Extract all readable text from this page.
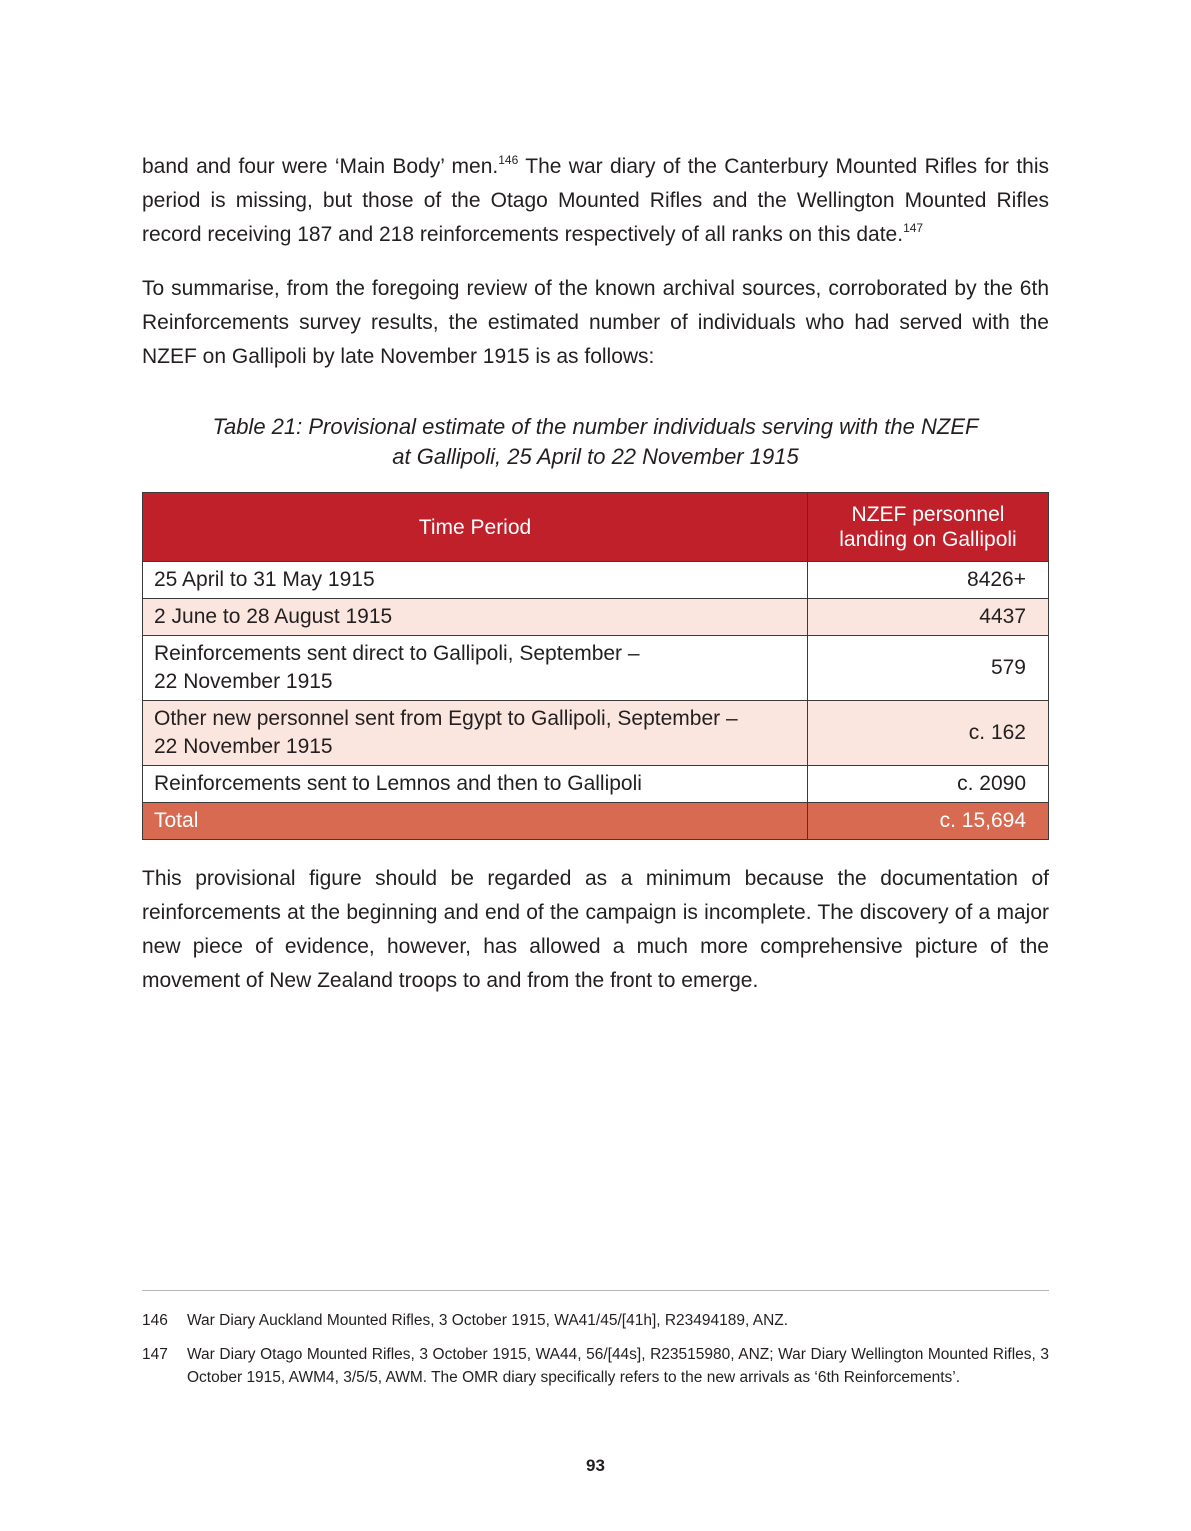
band and four were ‘Main Body’ men.$^{146}$ The war diary of the Canterbury Mounted Rifles for this period is missing, but those of the Otago Mounted Rifles and the Wellington Mounted Rifles record receiving 187 and 218 reinforcements respectively of all ranks on this date.$^{147}$

To summarise, from the foregoing review of the known archival sources, corroborated by the 6th Reinforcements survey results, the estimated number of individuals who had served with the NZEF on Gallipoli by late November 1915 is as follows:

Table 21: Provisional estimate of the number individuals serving with the NZEF
at Gallipoli, 25 April to 22 November 1915
Time Period	NZEF personnel
landing on Gallipoli

25 April to 31 May 1915	8426+

2 June to 28 August 1915	4437

Reinforcements sent direct to Gallipoli, September –
22 November 1915	579

Other new personnel sent from Egypt to Gallipoli, September –
22 November 1915	c. 162

Reinforcements sent to Lemnos and then to Gallipoli	c. 2090
Total	c. 15,694

This provisional figure should be regarded as a minimum because the documentation of reinforcements at the beginning and end of the campaign is incomplete. The discovery of a major new piece of evidence, however, has allowed a much more comprehensive picture of the movement of New Zealand troops to and from the front to emerge.

146	War Diary Auckland Mounted Rifles, 3 October 1915, WA41/45/[41h], R23494189, ANZ.
147	War Diary Otago Mounted Rifles, 3 October 1915, WA44, 56/[44s], R23515980, ANZ; War Diary Wellington Mounted Rifles, 3 October 1915, AWM4, 3/5/5, AWM. The OMR diary specifically refers to the new arrivals as ‘6th Reinforcements’.
93
